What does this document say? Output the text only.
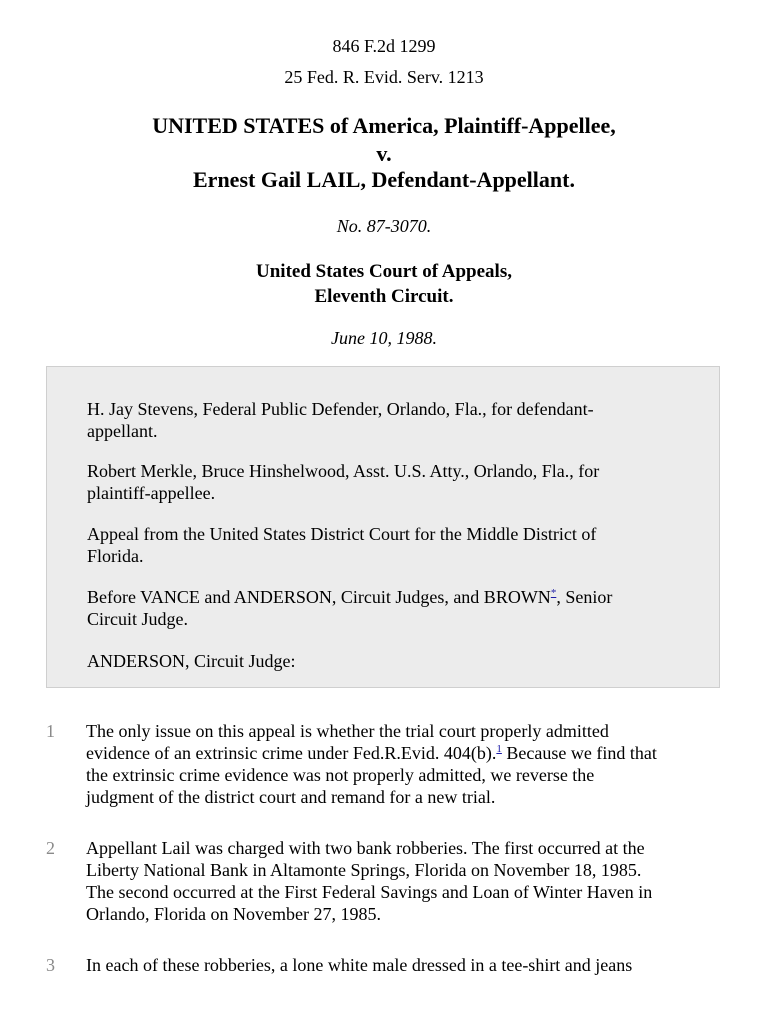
846 F.2d 1299
25 Fed. R. Evid. Serv. 1213
UNITED STATES of America, Plaintiff-Appellee,
v.
Ernest Gail LAIL, Defendant-Appellant.
No. 87-3070.
United States Court of Appeals,
Eleventh Circuit.
June 10, 1988.
H. Jay Stevens, Federal Public Defender, Orlando, Fla., for defendant-
appellant.
Robert Merkle, Bruce Hinshelwood, Asst. U.S. Atty., Orlando, Fla., for
plaintiff-appellee.
Appeal from the United States District Court for the Middle District of
Florida.
Before VANCE and ANDERSON, Circuit Judges, and BROWN*, Senior
Circuit Judge.
ANDERSON, Circuit Judge:
1 The only issue on this appeal is whether the trial court properly admitted
evidence of an extrinsic crime under Fed.R.Evid. 404(b).$^1$ Because we find that
the extrinsic crime evidence was not properly admitted, we reverse the
judgment of the district court and remand for a new trial.
2 Appellant Lail was charged with two bank robberies. The first occurred at the
Liberty National Bank in Altamonte Springs, Florida on November 18, 1985.
The second occurred at the First Federal Savings and Loan of Winter Haven in
Orlando, Florida on November 27, 1985.
3 In each of these robberies, a lone white male dressed in a tee-shirt and jeans
